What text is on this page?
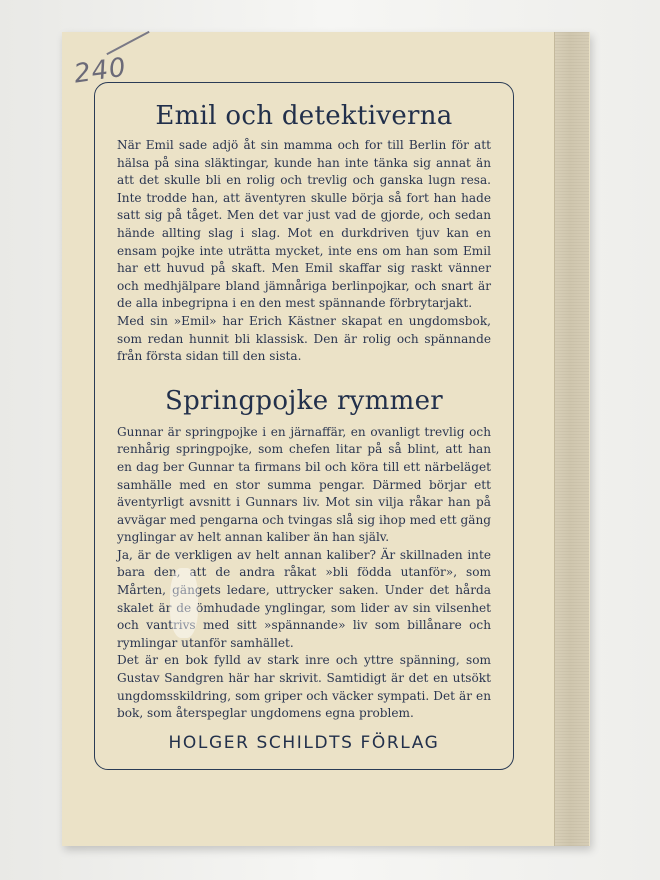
240
Emil och detektiverna

När Emil sade adjö åt sin mamma och for till Berlin för att hälsa på sina släktingar, kunde han inte tänka sig annat än att det skulle bli en rolig och trevlig och ganska lugn resa. Inte trodde han, att äventyren skulle börja så fort han hade satt sig på tåget. Men det var just vad de gjorde, och sedan hände allting slag i slag. Mot en durkdriven tjuv kan en ensam pojke inte uträtta mycket, inte ens om han som Emil har ett huvud på skaft. Men Emil skaffar sig raskt vänner och medhjälpare bland jämnåriga berlinpojkar, och snart är de alla inbegripna i en den mest spännande förbrytarjakt.

Med sin »Emil» har Erich Kästner skapat en ungdomsbok, som redan hunnit bli klassisk. Den är rolig och spännande från första sidan till den sista.

Springpojke rymmer

Gunnar är springpojke i en järnaffär, en ovanligt trevlig och renhårig springpojke, som chefen litar på så blint, att han en dag ber Gunnar ta firmans bil och köra till ett närbeläget samhälle med en stor summa pengar. Därmed börjar ett äventyrligt avsnitt i Gunnars liv. Mot sin vilja råkar han på avvägar med pengarna och tvingas slå sig ihop med ett gäng ynglingar av helt annan kaliber än han själv.

Ja, är de verkligen av helt annan kaliber? Är skillnaden inte bara den, att de andra råkat »bli födda utanför», som Mårten, gängets ledare, uttrycker saken. Under det hårda skalet är de ömhudade ynglingar, som lider av sin vilsenhet och vantrivs med sitt »spännande» liv som billånare och rymlingar utanför samhället.

Det är en bok fylld av stark inre och yttre spänning, som Gustav Sandgren här har skrivit. Samtidigt är det en utsökt ungdomsskildring, som griper och väcker sympati. Det är en bok, som återspeglar ungdomens egna problem.

HOLGER SCHILDTS FÖRLAG
